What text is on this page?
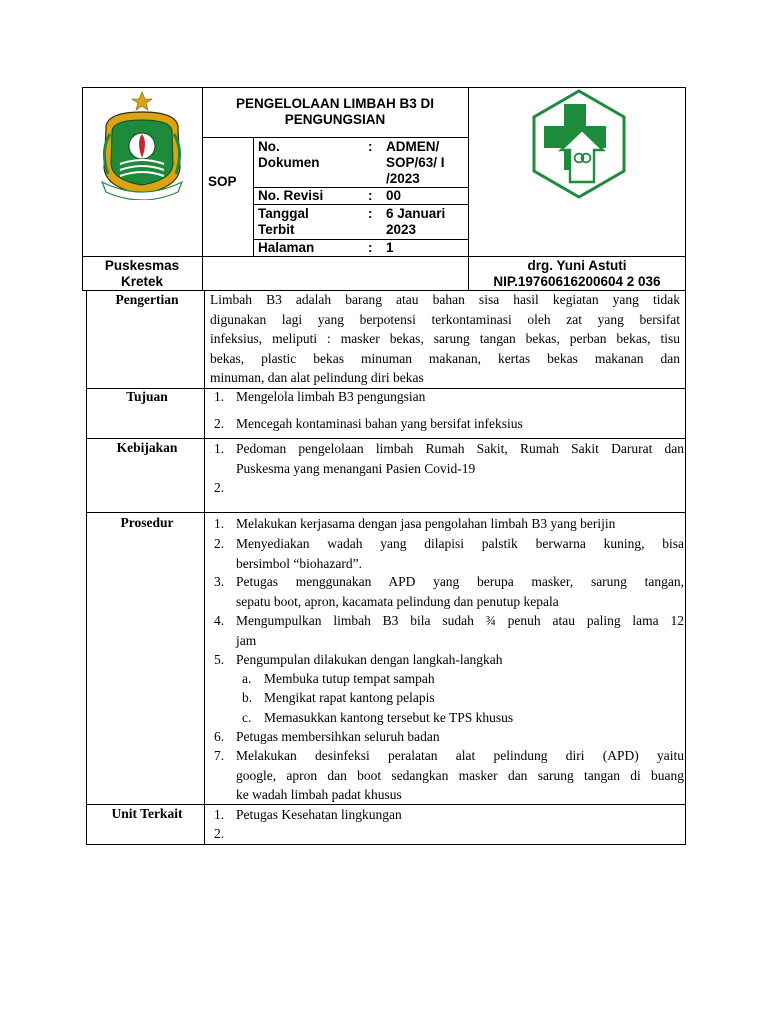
PENGELOLAAN LIMBAH B3 DI PENGUNGSIAN
SOP
No. Dokumen
: ADMEN/ SOP/63/ I /2023
No. Revisi	: 00
Tanggal Terbit
: 6 Januari 2023
Halaman	: 1
Puskesmas Kretek
drg. Yuni Astuti
NIP.19760616200604 2 036
Pengertian	Limbah B3 adalah barang atau bahan sisa hasil kegiatan yang tidak
digunakan lagi yang berpotensi terkontaminasi oleh zat yang bersifat
infeksius, meliputi : masker bekas, sarung tangan bekas, perban bekas, tisu
bekas, plastic bekas minuman makanan, kertas bekas makanan dan
minuman, dan alat pelindung diri bekas
Tujuan	1. Mengelola limbah B3 pengungsian
2. Mencegah kontaminasi bahan yang bersifat infeksius
Kebijakan	1. Pedoman pengelolaan limbah Rumah Sakit, Rumah Sakit Darurat dan
Puskesma yang menangani Pasien Covid-19
2.
Prosedur	1. Melakukan kerjasama dengan jasa pengolahan limbah B3 yang berijin
2. Menyediakan wadah yang dilapisi palstik berwarna kuning, bisa
bersimbol “biohazard”.
3. Petugas menggunakan APD yang berupa masker, sarung tangan,
sepatu boot, apron, kacamata pelindung dan penutup kepala
4. Mengumpulkan limbah B3 bila sudah ¾ penuh atau paling lama 12
jam
5. Pengumpulan dilakukan dengan langkah-langkah
a. Membuka tutup tempat sampah
b. Mengikat rapat kantong pelapis
c. Memasukkan kantong tersebut ke TPS khusus
6. Petugas membersihkan seluruh badan
7. Melakukan desinfeksi peralatan alat pelindung diri (APD) yaitu
google, apron dan boot sedangkan masker dan sarung tangan di buang
ke wadah limbah padat khusus
Unit Terkait	1. Petugas Kesehatan lingkungan
2.
